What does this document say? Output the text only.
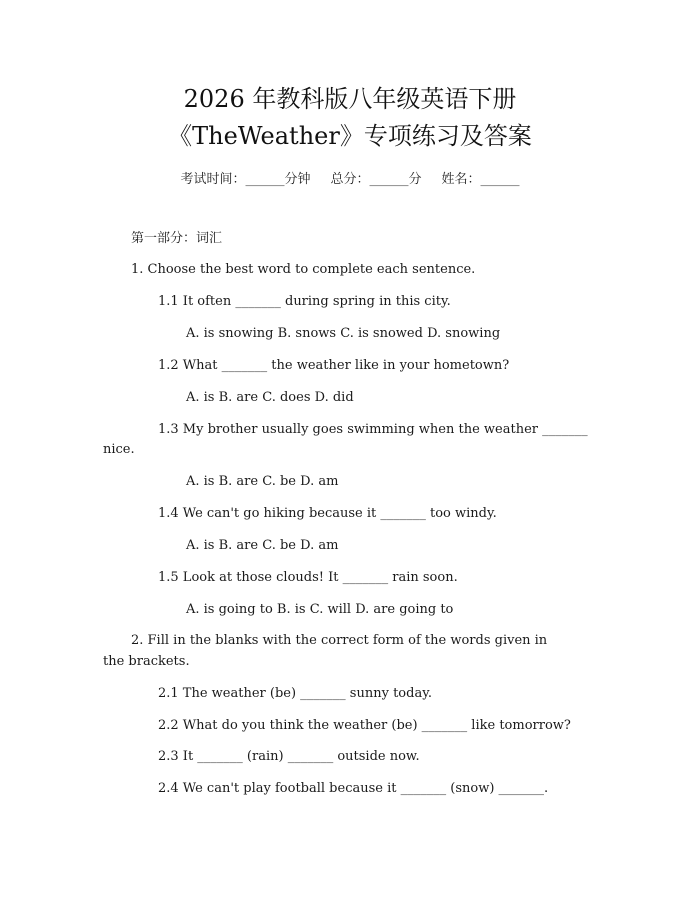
2026 年教科版八年级英语下册
《TheWeather》专项练习及答案
考试时间：______分钟 总分：______分 姓名：______
第一部分：词汇
1. Choose the best word to complete each sentence.
1.1 It often _______ during spring in this city.
A. is snowing B. snows C. is snowed D. snowing
1.2 What _______ the weather like in your hometown?
A. is B. are C. does D. did
1.3 My brother usually goes swimming when the weather _______
nice.
A. is B. are C. be D. am
1.4 We can't go hiking because it _______ too windy.
A. is B. are C. be D. am
1.5 Look at those clouds! It _______ rain soon.
A. is going to B. is C. will D. are going to
2. Fill in the blanks with the correct form of the words given in
the brackets.
2.1 The weather (be) _______ sunny today.
2.2 What do you think the weather (be) _______ like tomorrow?
2.3 It _______ (rain) _______ outside now.
2.4 We can't play football because it _______ (snow) _______.
